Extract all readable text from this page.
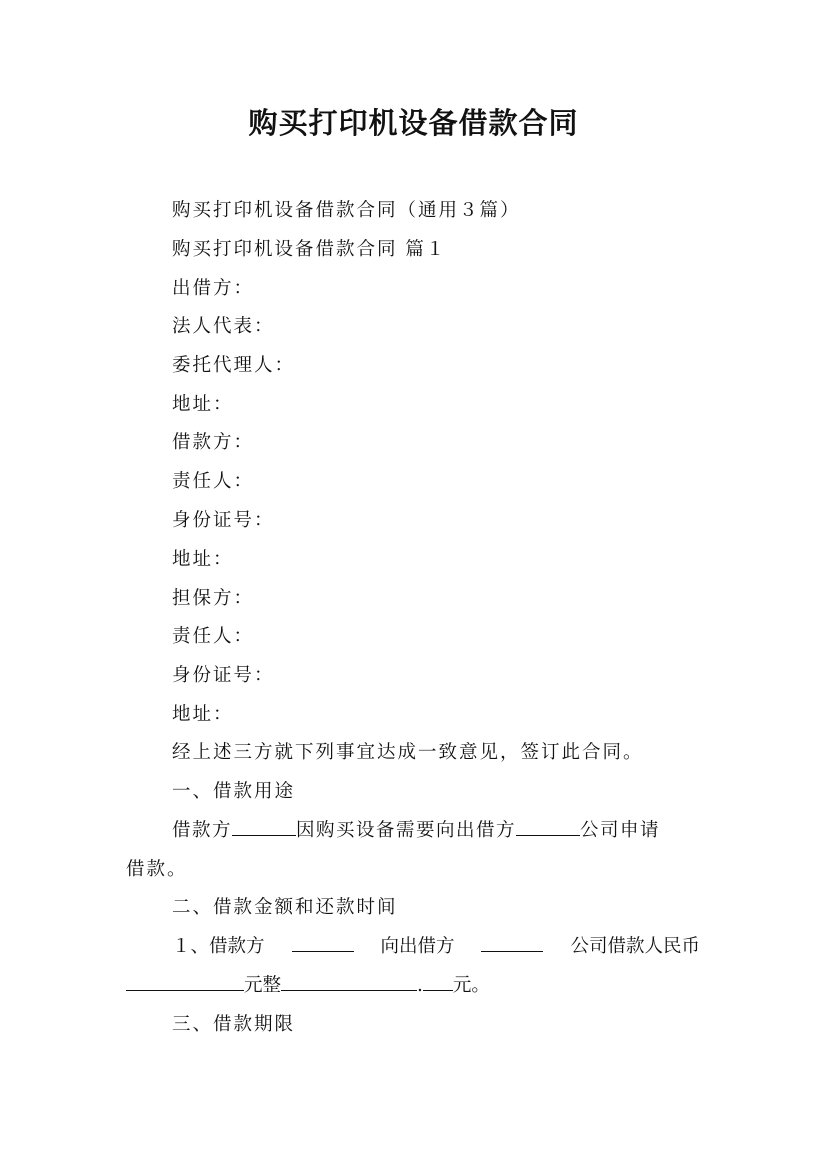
购买打印机设备借款合同
购买打印机设备借款合同（通用３篇）
购买打印机设备借款合同 篇１
出借方：
法人代表：
委托代理人：
地址：
借款方：
责任人：
身份证号：
地址：
担保方：
责任人：
身份证号：
地址：
经上述三方就下列事宜达成一致意见，签订此合同。
一、借款用途
借款方	因购买设备需要向出借方	公司申请
借款。
二、借款金额和还款时间
１、借款方	向出借方	公司借款人民币
元整	. 元。
三、借款期限
